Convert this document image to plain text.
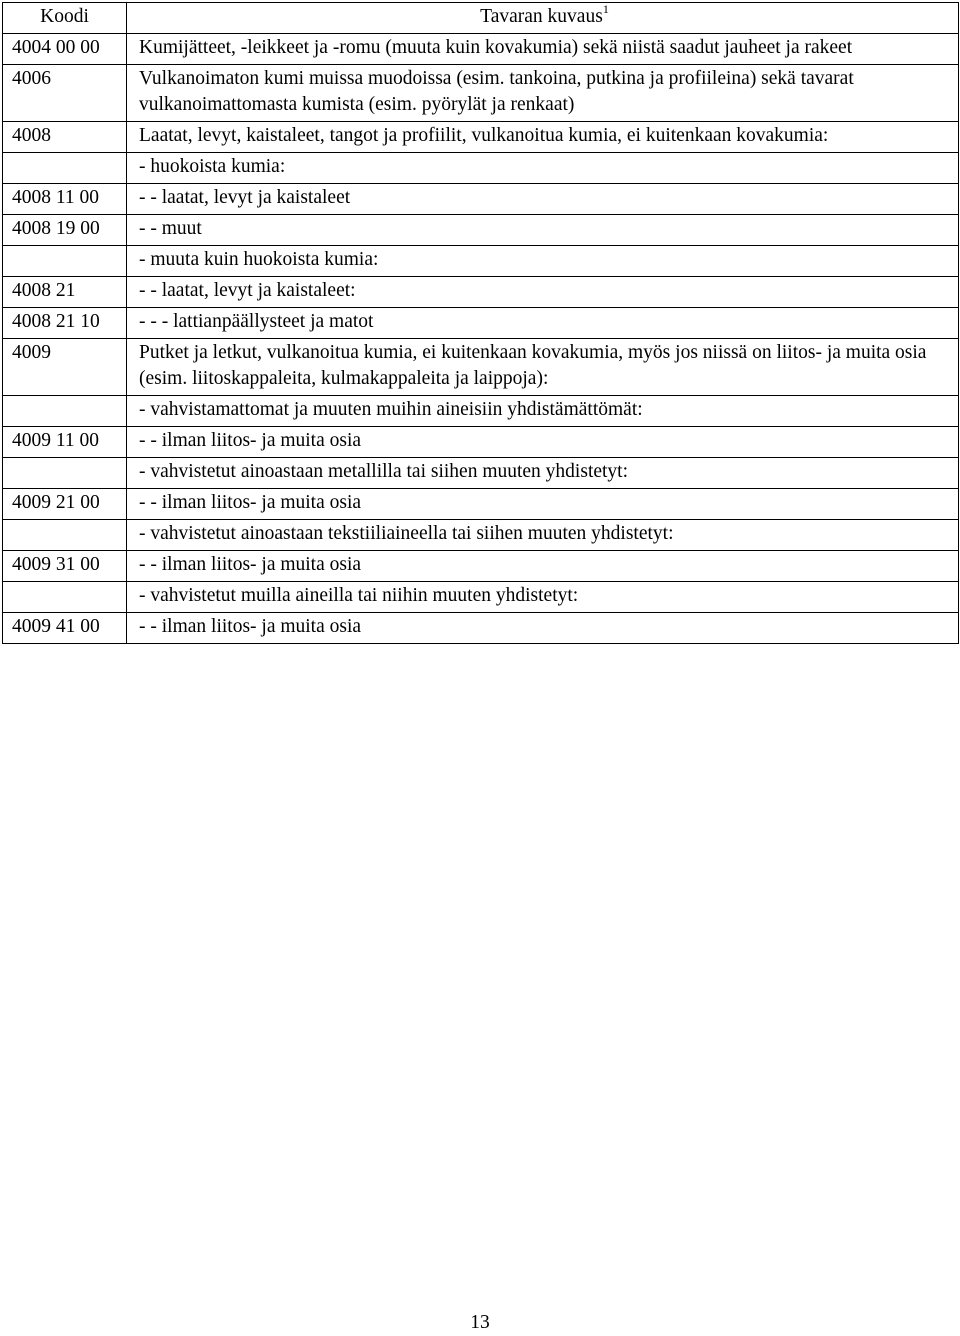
Koodi	Tavaran kuvaus$^1$
4004 00 00	Kumijätteet, -leikkeet ja -romu (muuta kuin kovakumia) sekä niistä saadut jauheet ja rakeet
4006	Vulkanoimaton kumi muissa muodoissa (esim. tankoina, putkina ja profiileina) sekä tavarat vulkanoimattomasta kumista (esim. pyörylät ja renkaat)
4008	Laatat, levyt, kaistaleet, tangot ja profiilit, vulkanoitua kumia, ei kuitenkaan kovakumia:
	- huokoista kumia:
4008 11 00	- - laatat, levyt ja kaistaleet
4008 19 00	- - muut
	- muuta kuin huokoista kumia:
4008 21	- - laatat, levyt ja kaistaleet:
4008 21 10	- - - lattianpäällysteet ja matot
4009	Putket ja letkut, vulkanoitua kumia, ei kuitenkaan kovakumia, myös jos niissä on liitos- ja muita osia (esim. liitoskappaleita, kulmakappaleita ja laippoja):
	- vahvistamattomat ja muuten muihin aineisiin yhdistämättömät:
4009 11 00	- - ilman liitos- ja muita osia
	- vahvistetut ainoastaan metallilla tai siihen muuten yhdistetyt:
4009 21 00	- - ilman liitos- ja muita osia
	- vahvistetut ainoastaan tekstiiliaineella tai siihen muuten yhdistetyt:
4009 31 00	- - ilman liitos- ja muita osia
	- vahvistetut muilla aineilla tai niihin muuten yhdistetyt:
4009 41 00	- - ilman liitos- ja muita osia
13
